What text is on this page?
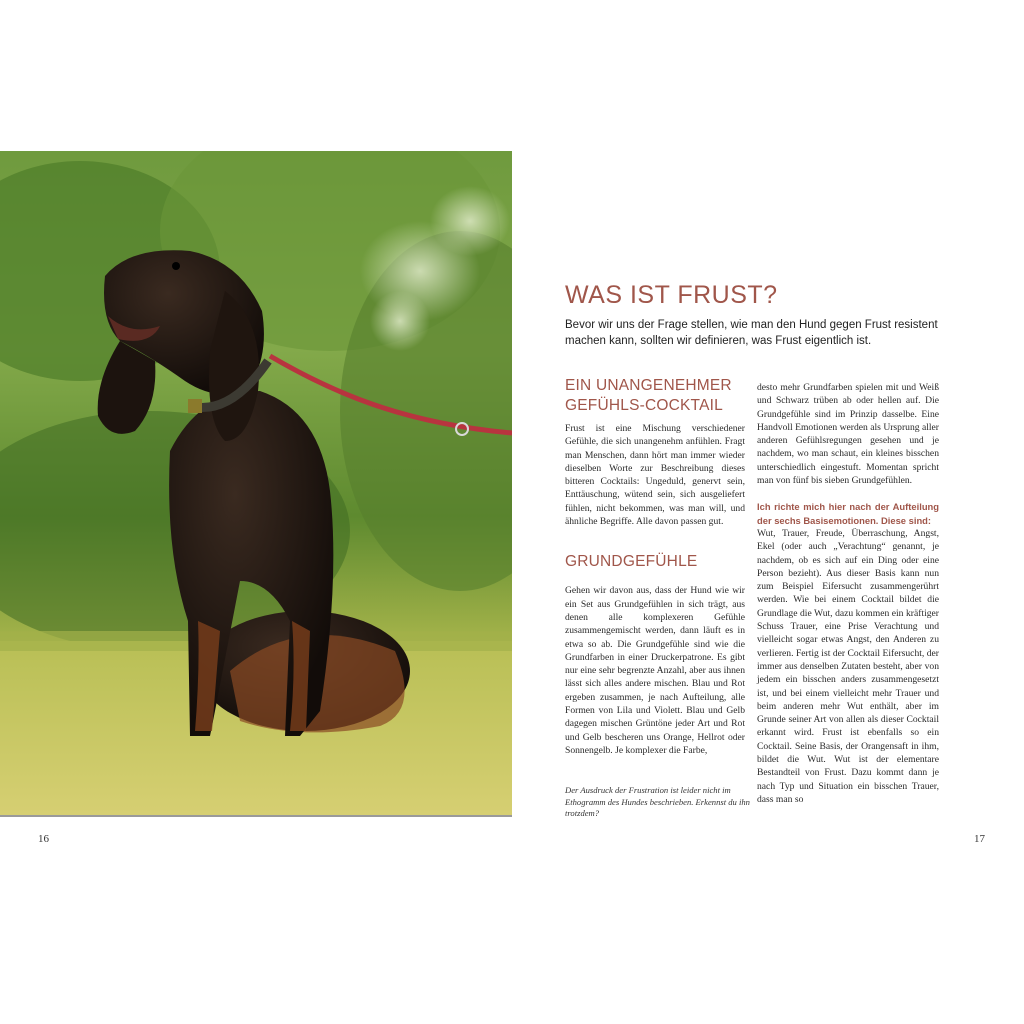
16	17
WAS IST FRUST?

Bevor wir uns der Frage stellen, wie man den Hund gegen Frust resistent machen kann, sollten wir definieren, was Frust eigentlich ist.

EIN UNANGENEHMER
GEFÜHLS-COCKTAIL

Frust ist eine Mischung verschiedener Gefühle, die sich unangenehm anfühlen. Fragt man Menschen, dann hört man immer wieder dieselben Worte zur Beschreibung dieses bitteren Cocktails: Ungeduld, genervt sein, Enttäuschung, wütend sein, sich ausgeliefert fühlen, nicht bekommen, was man will, und ähnliche Begriffe. Alle davon passen gut.

GRUNDGEFÜHLE

Gehen wir davon aus, dass der Hund wie wir ein Set aus Grundgefühlen in sich trägt, aus denen alle komplexeren Gefühle zusammengemischt werden, dann läuft es in etwa so ab. Die Grundgefühle sind wie die Grundfarben in einer Druckerpatrone. Es gibt nur eine sehr begrenzte Anzahl, aber aus ihnen lässt sich alles andere mischen. Blau und Rot ergeben zusammen, je nach Aufteilung, alle Formen von Lila und Violett. Blau und Gelb dagegen mischen Grüntöne jeder Art und Rot und Gelb bescheren uns Orange, Hellrot oder Sonnengelb. Je komplexer die Farbe,

desto mehr Grundfarben spielen mit und Weiß und Schwarz trüben ab oder hellen auf. Die Grundgefühle sind im Prinzip dasselbe. Eine Handvoll Emotionen werden als Ursprung aller anderen Gefühlsregungen gesehen und je nachdem, wo man schaut, ein kleines bisschen unterschiedlich eingestuft. Momentan spricht man von fünf bis sieben Grundgefühlen.

Ich richte mich hier nach der Aufteilung der sechs Basisemotionen. Diese sind:

Wut, Trauer, Freude, Überraschung, Angst, Ekel (oder auch „Verachtung“ genannt, je nachdem, ob es sich auf ein Ding oder eine Person bezieht). Aus dieser Basis kann nun zum Beispiel Eifersucht zusammengerührt werden. Wie bei einem Cocktail bildet die Grundlage die Wut, dazu kommen ein kräftiger Schuss Trauer, eine Prise Verachtung und vielleicht sogar etwas Angst, den Anderen zu verlieren. Fertig ist der Cocktail Eifersucht, der immer aus denselben Zutaten besteht, aber von jedem ein bisschen anders zusammengesetzt ist, und bei einem vielleicht mehr Trauer und beim anderen mehr Wut enthält, aber im Grunde seiner Art von allen als dieser Cocktail erkannt wird. Frust ist ebenfalls so ein Cocktail. Seine Basis, der Orangensaft in ihm, bildet die Wut. Wut ist der elementare Bestandteil von Frust. Dazu kommt dann je nach Typ und Situation ein bisschen Trauer, dass man so

Der Ausdruck der Frustration ist leider nicht im Ethogramm des Hundes beschrieben. Erkennst du ihn trotzdem?
